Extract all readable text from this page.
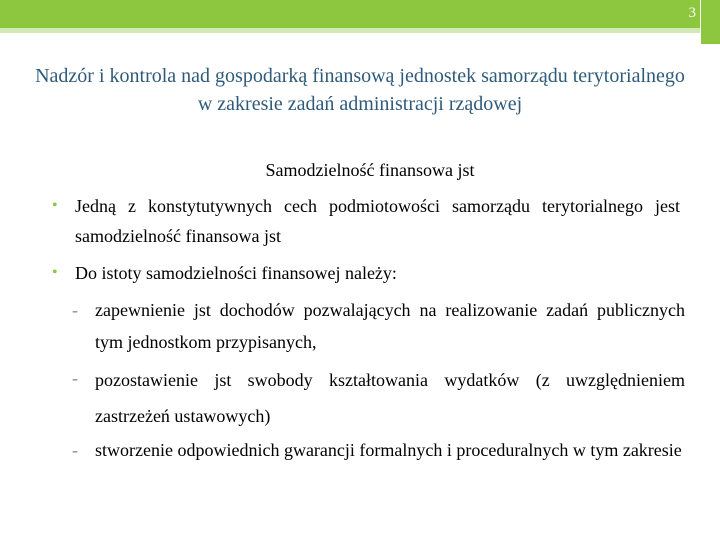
3
Nadzór i kontrola nad gospodarką finansową jednostek samorządu terytorialnego w zakresie zadań administracji rządowej
Samodzielność finansowa jst
• Jedną z konstytutywnych cech podmiotowości samorządu terytorialnego jest samodzielność finansowa jst
• Do istoty samodzielności finansowej należy:
- zapewnienie jst dochodów pozwalających na realizowanie zadań publicznych tym jednostkom przypisanych,
- pozostawienie jst swobody kształtowania wydatków (z uwzględnieniem zastrzeżeń ustawowych)
- stworzenie odpowiednich gwarancji formalnych i proceduralnych w tym zakresie
